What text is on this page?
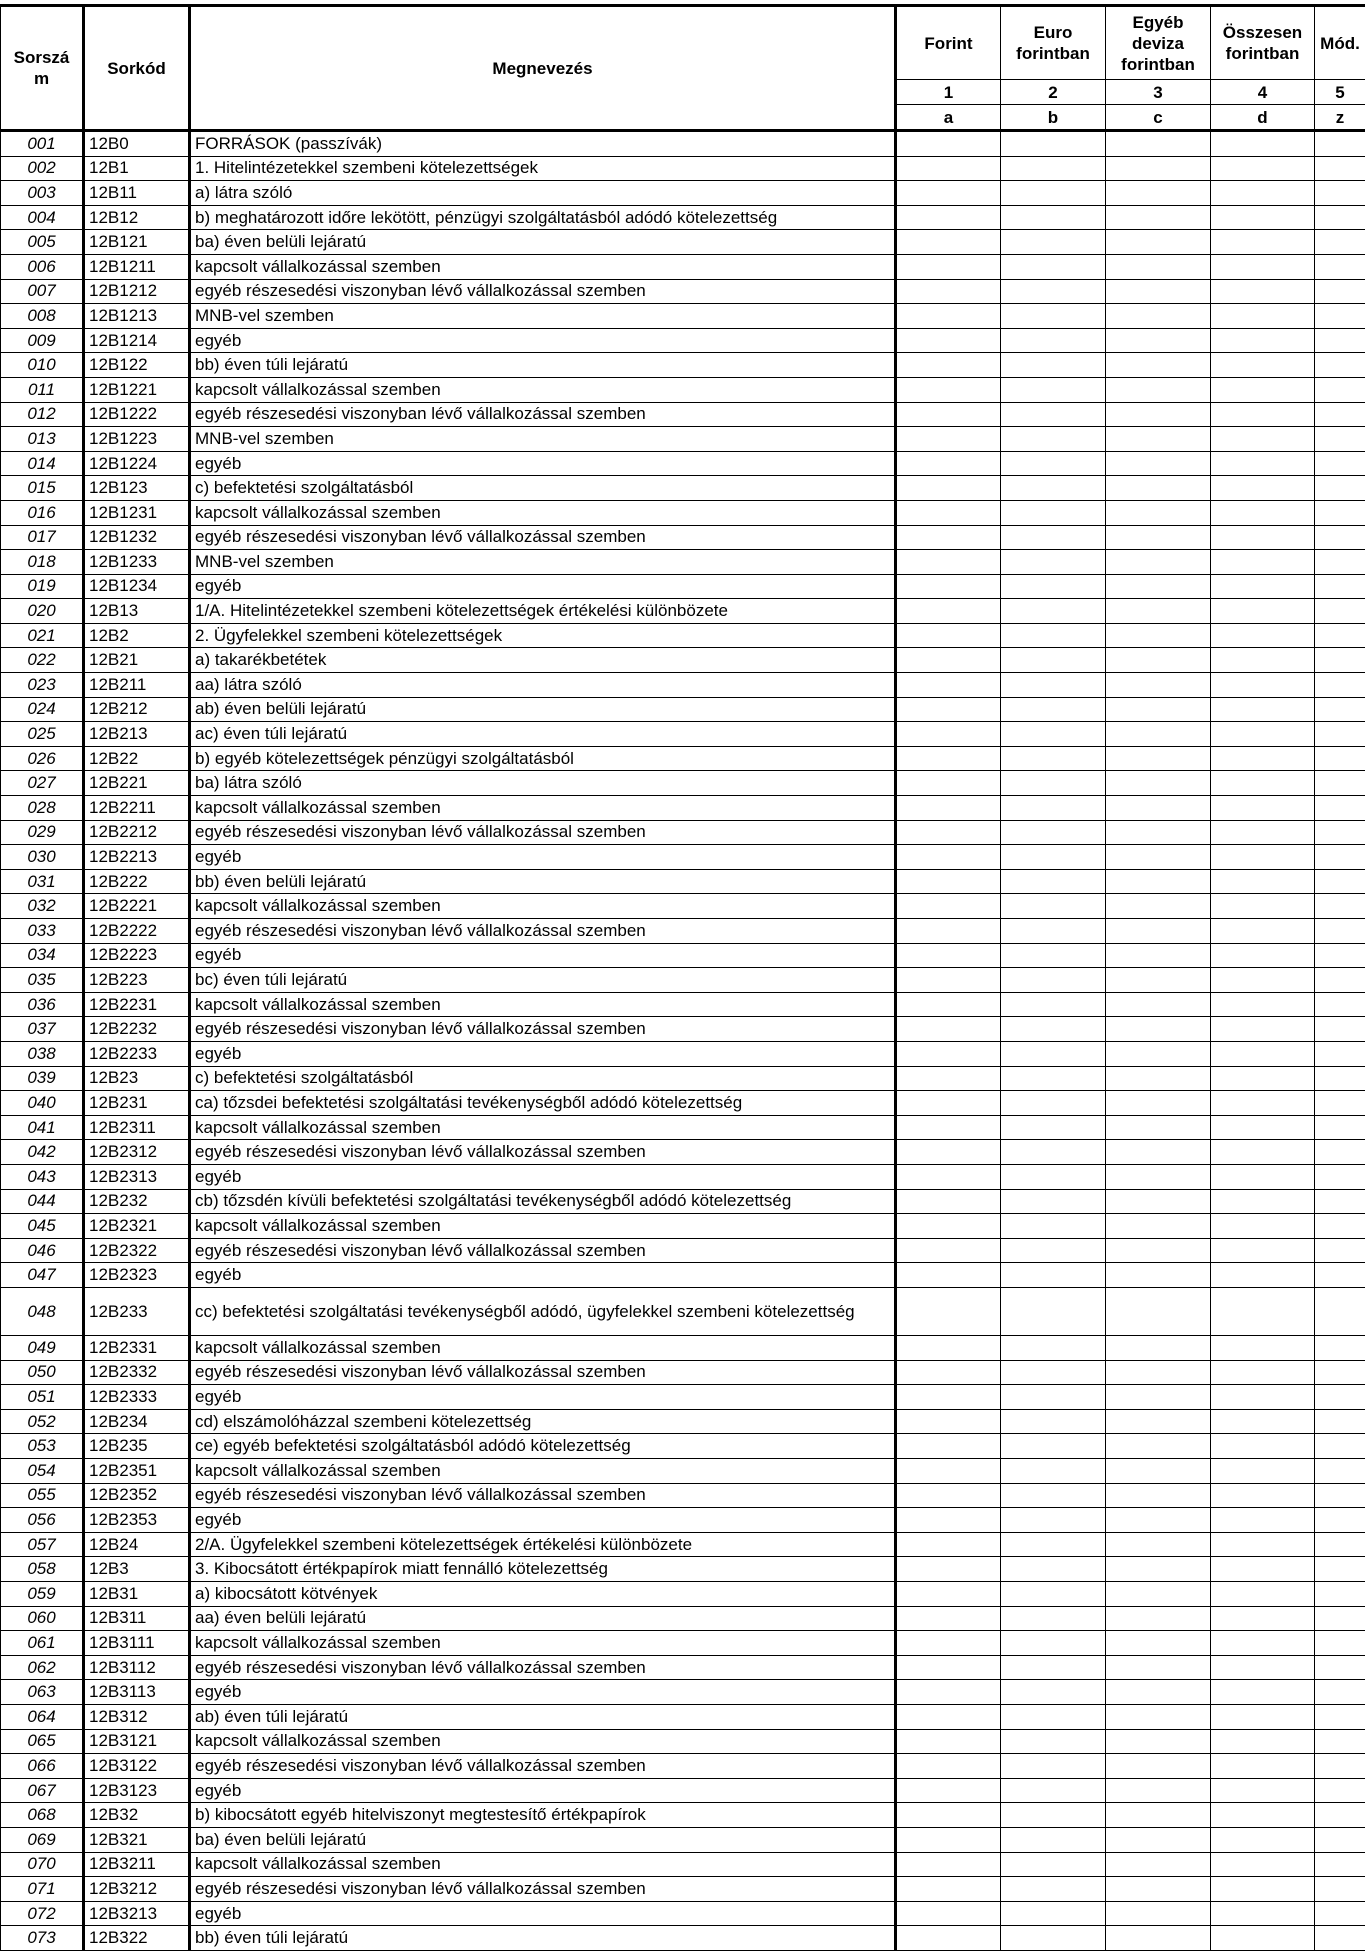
Sorszá m	Sorkód	Megnevezés	Forint	Euro forintban	Egyéb deviza forintban	Összesen forintban	Mód.
			1	2	3	4	5
			a	b	c	d	z
001	12B0	FORRÁSOK (passzívák)					
002	12B1	1. Hitelintézetekkel szembeni kötelezettségek					
003	12B11	a) látra szóló					
004	12B12	b) meghatározott időre lekötött, pénzügyi szolgáltatásból adódó kötelezettség					
005	12B121	ba) éven belüli lejáratú					
006	12B1211	kapcsolt vállalkozással szemben					
007	12B1212	egyéb részesedési viszonyban lévő vállalkozással szemben					
008	12B1213	MNB-vel szemben					
009	12B1214	egyéb					
010	12B122	bb) éven túli lejáratú					
011	12B1221	kapcsolt vállalkozással szemben					
012	12B1222	egyéb részesedési viszonyban lévő vállalkozással szemben					
013	12B1223	MNB-vel szemben					
014	12B1224	egyéb					
015	12B123	c) befektetési szolgáltatásból					
016	12B1231	kapcsolt vállalkozással szemben					
017	12B1232	egyéb részesedési viszonyban lévő vállalkozással szemben					
018	12B1233	MNB-vel szemben					
019	12B1234	egyéb					
020	12B13	1/A. Hitelintézetekkel szembeni kötelezettségek értékelési különbözete					
021	12B2	2. Ügyfelekkel szembeni kötelezettségek					
022	12B21	a) takarékbetétek					
023	12B211	aa) látra szóló					
024	12B212	ab) éven belüli lejáratú					
025	12B213	ac) éven túli lejáratú					
026	12B22	b) egyéb kötelezettségek pénzügyi szolgáltatásból					
027	12B221	ba) látra szóló					
028	12B2211	kapcsolt vállalkozással szemben					
029	12B2212	egyéb részesedési viszonyban lévő vállalkozással szemben					
030	12B2213	egyéb					
031	12B222	bb) éven belüli lejáratú					
032	12B2221	kapcsolt vállalkozással szemben					
033	12B2222	egyéb részesedési viszonyban lévő vállalkozással szemben					
034	12B2223	egyéb					
035	12B223	bc) éven túli lejáratú					
036	12B2231	kapcsolt vállalkozással szemben					
037	12B2232	egyéb részesedési viszonyban lévő vállalkozással szemben					
038	12B2233	egyéb					
039	12B23	c) befektetési szolgáltatásból					
040	12B231	ca) tőzsdei befektetési szolgáltatási tevékenységből adódó kötelezettség					
041	12B2311	kapcsolt vállalkozással szemben					
042	12B2312	egyéb részesedési viszonyban lévő vállalkozással szemben					
043	12B2313	egyéb					
044	12B232	cb) tőzsdén kívüli befektetési szolgáltatási tevékenységből adódó kötelezettség					
045	12B2321	kapcsolt vállalkozással szemben					
046	12B2322	egyéb részesedési viszonyban lévő vállalkozással szemben					
047	12B2323	egyéb					
048	12B233	cc) befektetési szolgáltatási tevékenységből adódó, ügyfelekkel szembeni kötelezettség					
049	12B2331	kapcsolt vállalkozással szemben					
050	12B2332	egyéb részesedési viszonyban lévő vállalkozással szemben					
051	12B2333	egyéb					
052	12B234	cd) elszámolóházzal szembeni kötelezettség					
053	12B235	ce) egyéb befektetési szolgáltatásból adódó kötelezettség					
054	12B2351	kapcsolt vállalkozással szemben					
055	12B2352	egyéb részesedési viszonyban lévő vállalkozással szemben					
056	12B2353	egyéb					
057	12B24	2/A. Ügyfelekkel szembeni kötelezettségek értékelési különbözete					
058	12B3	3. Kibocsátott értékpapírok miatt fennálló kötelezettség					
059	12B31	a) kibocsátott kötvények					
060	12B311	aa) éven belüli lejáratú					
061	12B3111	kapcsolt vállalkozással szemben					
062	12B3112	egyéb részesedési viszonyban lévő vállalkozással szemben					
063	12B3113	egyéb					
064	12B312	ab) éven túli lejáratú					
065	12B3121	kapcsolt vállalkozással szemben					
066	12B3122	egyéb részesedési viszonyban lévő vállalkozással szemben					
067	12B3123	egyéb					
068	12B32	b) kibocsátott egyéb hitelviszonyt megtestesítő értékpapírok					
069	12B321	ba) éven belüli lejáratú					
070	12B3211	kapcsolt vállalkozással szemben					
071	12B3212	egyéb részesedési viszonyban lévő vállalkozással szemben					
072	12B3213	egyéb					
073	12B322	bb) éven túli lejáratú					
